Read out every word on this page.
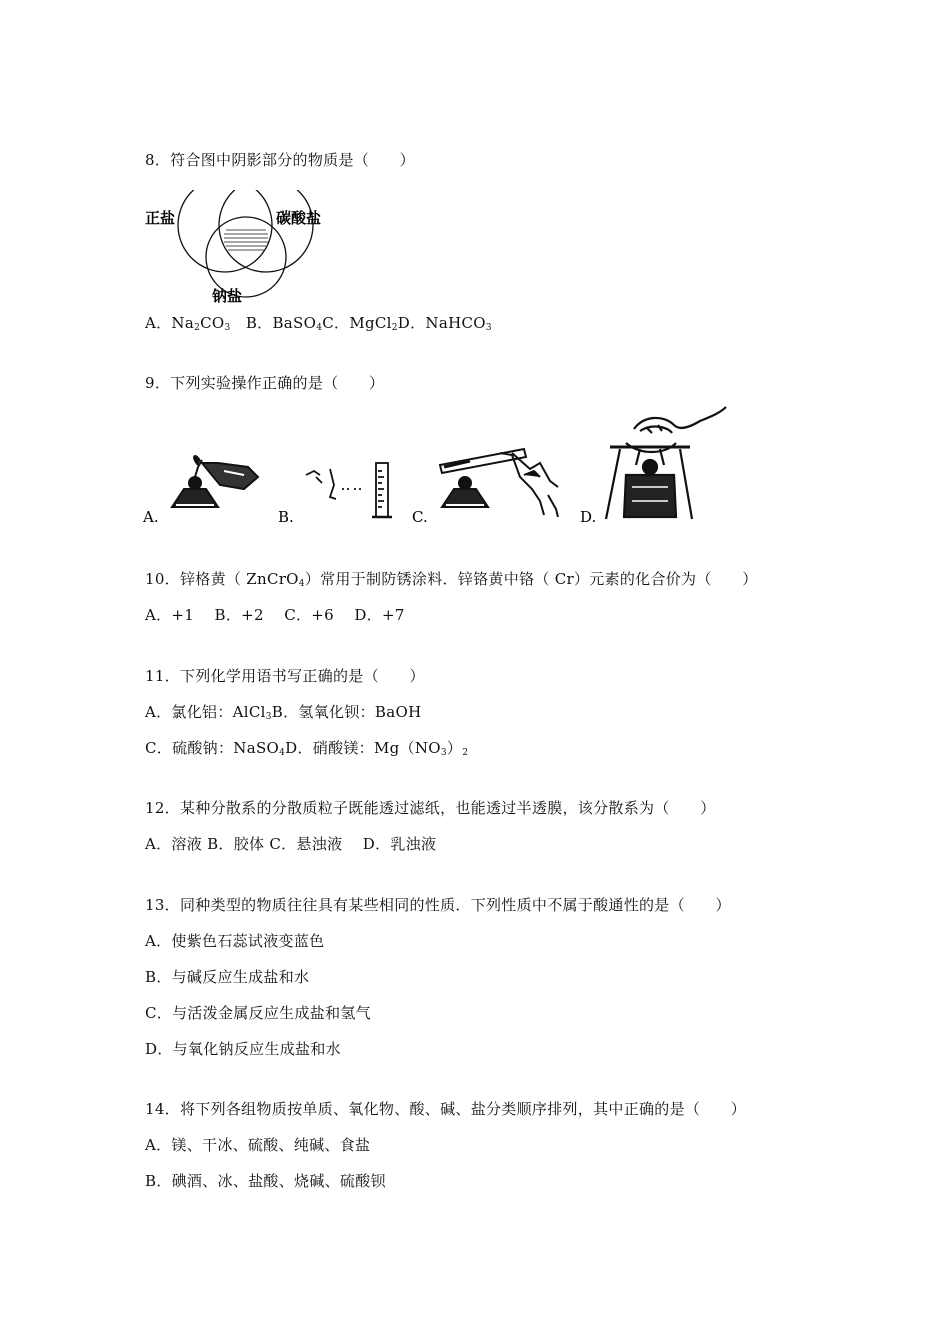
8．符合图中阴影部分的物质是（　　）
正盐	碳酸盐
钠盐
A．$Na_2CO_3$　B．BaSO$_4$C．MgCl$_2$D．NaHCO$_3$
9．下列实验操作正确的是（　　）
A.	B.	C.	D.
10．锌格黄（ ZnCrO$_4$）常用于制防锈涂料．锌铬黄中铬（ Cr）元素的化合价为（　　）
A．+1　 B．+2　 C．+6　 D．+7
11．下列化学用语书写正确的是（　　）
A．氯化铝：AlCl$_3$B．氢氧化钡：BaOH
C．硫酸钠：NaSO$_4$D．硝酸镁：$Mg(NO_3)_2$
12．某种分散系的分散质粒子既能透过滤纸，也能透过半透膜，该分散系为（　　）
A．溶液 B．胶体 C．悬浊液　 D．乳浊液
13．同种类型的物质往往具有某些相同的性质．下列性质中不属于酸通性的是（　　）
A．使紫色石蕊试液变蓝色
B．与碱反应生成盐和水
C．与活泼金属反应生成盐和氢气
D．与氧化钠反应生成盐和水
14．将下列各组物质按单质、氧化物、酸、碱、盐分类顺序排列，其中正确的是（　　）
A．镁、干冰、硫酸、纯碱、食盐
B．碘酒、冰、盐酸、烧碱、硫酸钡
